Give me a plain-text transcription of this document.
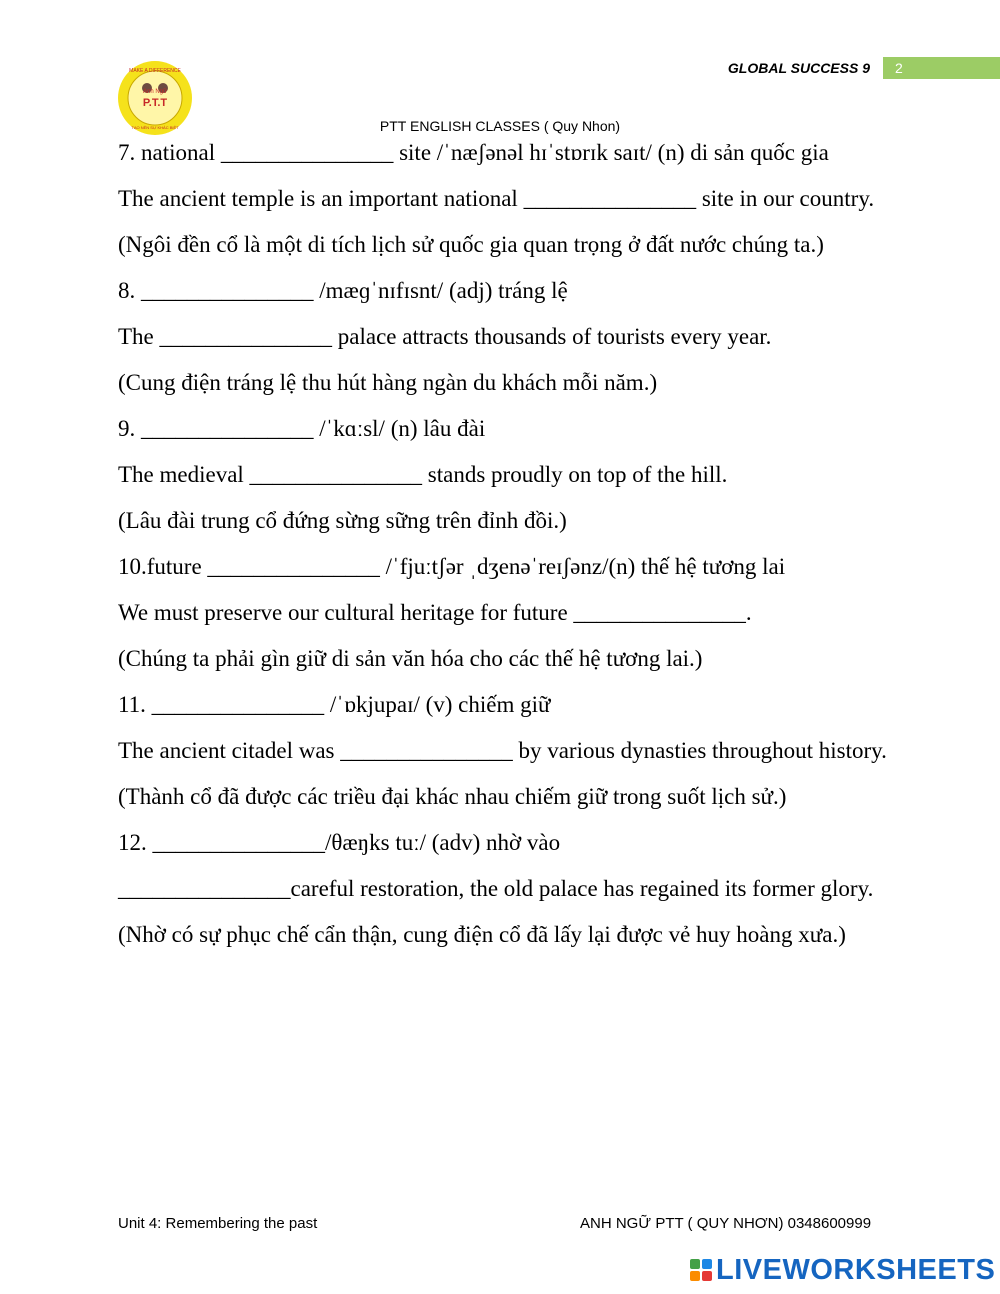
Anh Ngữ
P.T.T
MAKE A DIFFERENCE
TẠO NÊN SỰ KHÁC BIỆT
GLOBAL SUCCESS 9	2
PTT ENGLISH CLASSES ( Quy Nhon)
7. national _______________ site /ˈnæʃənəl hɪˈstɒrɪk saɪt/ (n) di sản quốc gia
The ancient temple is an important national _______________ site in our country.
(Ngôi đền cổ là một di tích lịch sử quốc gia quan trọng ở đất nước chúng ta.)
8. _______________ /mæɡˈnɪfɪsnt/ (adj) tráng lệ
The _______________ palace attracts thousands of tourists every year.
(Cung điện tráng lệ thu hút hàng ngàn du khách mỗi năm.)
9. _______________ /ˈkɑːsl/ (n) lâu đài
The medieval _______________ stands proudly on top of the hill.
(Lâu đài trung cổ đứng sừng sững trên đỉnh đồi.)
10.future _______________ /ˈfjuːtʃər ˌdʒenəˈreɪʃənz/(n) thế hệ tương lai
We must preserve our cultural heritage for future _______________.
(Chúng ta phải gìn giữ di sản văn hóa cho các thế hệ tương lai.)
11. _______________ /ˈɒkjupaɪ/ (v) chiếm giữ
The ancient citadel was _______________ by various dynasties throughout history.
(Thành cổ đã được các triều đại khác nhau chiếm giữ trong suốt lịch sử.)
12. _______________/θæŋks tuː/ (adv) nhờ vào
_______________careful restoration, the old palace has regained its former glory.
(Nhờ có sự phục chế cẩn thận, cung điện cổ đã lấy lại được vẻ huy hoàng xưa.)
Unit 4: Remembering the past	ANH NGỮ PTT ( QUY NHƠN) 0348600999
LIVEWORKSHEETS
